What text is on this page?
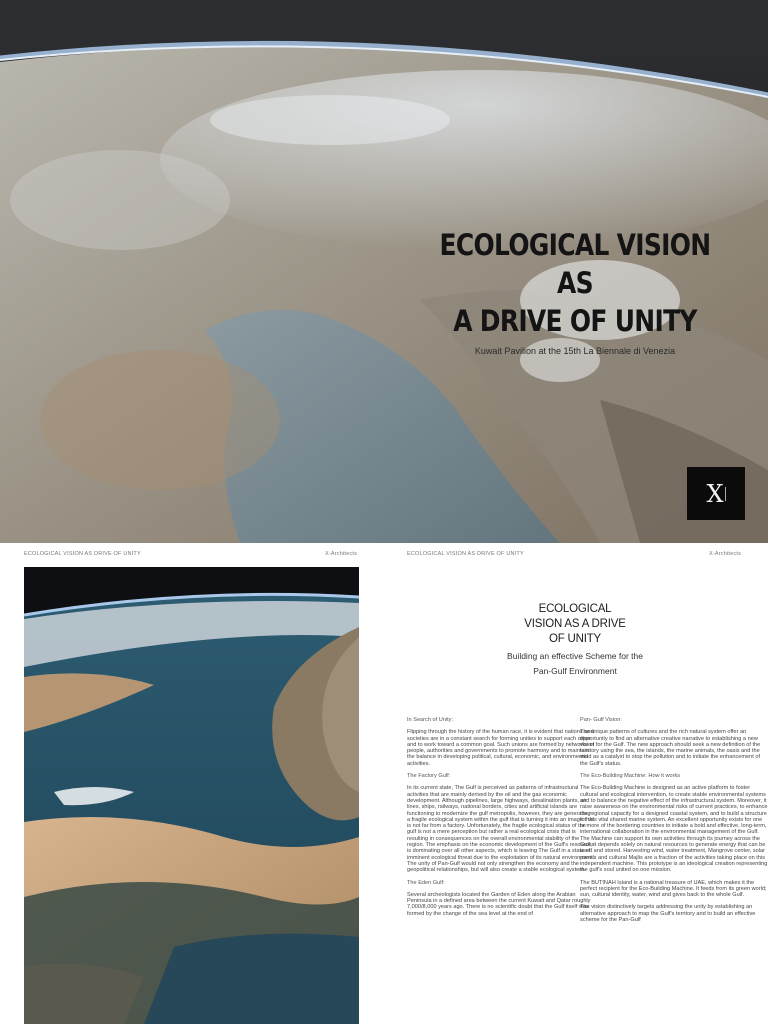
ECOLOGICAL VISION AS
A DRIVE OF UNITY
Kuwait Pavilion at the 15th La Biennale di Venezia
X
ECOLOGICAL VISION AS DRIVE OF UNITY	X-Architects	ECOLOGICAL VISION AS DRIVE OF UNITY	X-Architects
ECOLOGICAL
VISION AS A DRIVE
OF UNITY
Building an effective Scheme for the
Pan-Gulf Environment
In Search of Unity:

Flipping through the history of the human race, it is evident that nations and societies are in a constant search for forming unities to support each other and to work toward a common goal. Such unions are formed by networks of people, authorities and governments to promote harmony and to maintain the balance in developing political, cultural, economic, and environmental activities.

The Factory Gulf:

In its current state, The Gulf is perceived as patterns of infrastructural activities that are mainly derived by the oil and the gas economic development. Although pipelines, large highways, desalination plants, air lines, ships, railways, national borders, cities and artificial islands are functioning to modernize the gulf metropolis, however, they are generating a fragile ecological system within the gulf that is turning it into an image that is not far from a factory. Unfortunately, the fragile ecological status of the gulf is not a mere perception but rather a real ecological crisis that is resulting in consequences on the overall environmental stability of the region. The emphasis on the economic development of the Gulf's resources is dominating over all other aspects, which is leaving The Gulf in a state of imminent ecological threat due to the exploitation of its natural environment. The unity of Pan-Gulf would not only strengthen the economy and the geopolitical relationships, but will also create a stable ecological system.

The Eden Gulf:

Several archeologists located the Garden of Eden along the Arabian Peninsula in a defined area between the current Kuwait and Qatar roughly 7,000/8,000 years ago. There is no scientific doubt that the Gulf itself was formed by the change of the sea level at the end of

Pan- Gulf Vision:

The unique patterns of cultures and the rich natural system offer an opportunity to find an alternative creative narrative to establishing a new vision for the Gulf. The new approach should seek a new definition of the territory using the sea, the islands, the marine animals, the oasis and the wind as a catalyst to stop the pollution and to initiate the enhancement of the Gulf's status.

The Eco-Building Machine: How it works

The Eco-Building Machine is designed as an active platform to foster cultural and ecological intervention, to create stable environmental systems and to balance the negative effect of the infrastructural system. Moreover, it raise awareness on the environmental risks of current practices, to enhance the regional capacity for a designed coastal system, and to build a structure for this vital shared marine system. An excellent opportunity exists for one or more of the bordering countries to initiate a bold and effective, long-term, international collaboration in the environmental management of the Gulf. The Machine can support its own activities through its journey across the Gulf, it depends solely on natural resources to generate energy that can be used and stored. Harvesting wind, water treatment, Mangrove center, solar panels and cultural Majlis are a fraction of the activities taking place on this independent machine. This prototype is an ideological creation representing the gulf's soul united on one mission.

The BUTINAH Island is a national treasure of UAE, which makes it the perfect recipient for the Eco-Building Machine. It feeds from its green world; sun, cultural identity, water, wind and gives back to the whole Gulf.

The vision distinctively targets addressing the unity by establishing an alternative approach to map the Gulf's territory and to build an effective scheme for the Pan-Gulf
